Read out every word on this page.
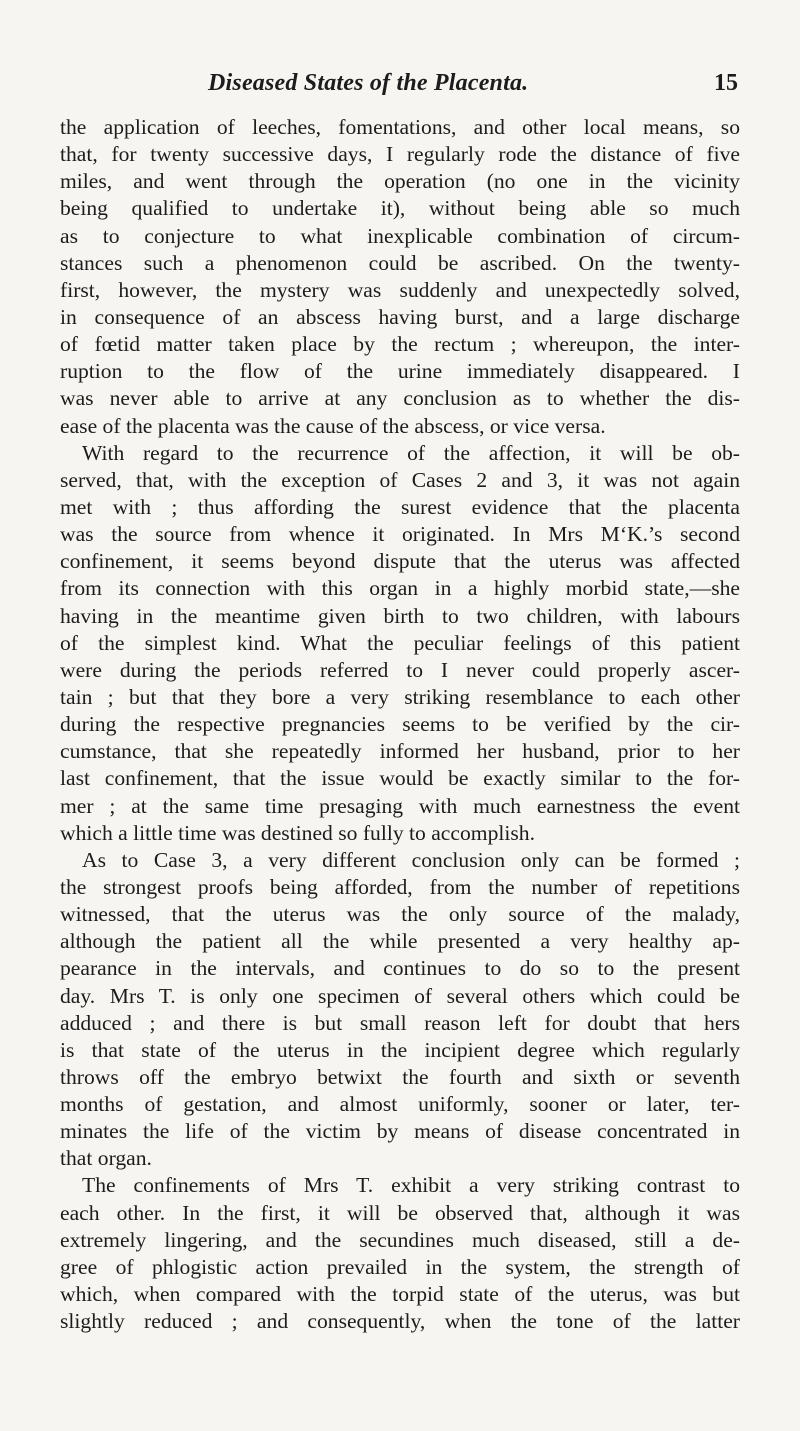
Diseased States of the Placenta.	15
the application of leeches, fomentations, and other local means, so
that, for twenty successive days, I regularly rode the distance of five
miles, and went through the operation (no one in the vicinity
being qualified to undertake it), without being able so much
as to conjecture to what inexplicable combination of circum-
stances such a phenomenon could be ascribed. On the twenty-
first, however, the mystery was suddenly and unexpectedly solved,
in consequence of an abscess having burst, and a large discharge
of fœtid matter taken place by the rectum ; whereupon, the inter-
ruption to the flow of the urine immediately disappeared. I
was never able to arrive at any conclusion as to whether the dis-
ease of the placenta was the cause of the abscess, or vice versa.
With regard to the recurrence of the affection, it will be ob-
served, that, with the exception of Cases 2 and 3, it was not again
met with ; thus affording the surest evidence that the placenta
was the source from whence it originated. In Mrs M‘K.’s second
confinement, it seems beyond dispute that the uterus was affected
from its connection with this organ in a highly morbid state,—she
having in the meantime given birth to two children, with labours
of the simplest kind. What the peculiar feelings of this patient
were during the periods referred to I never could properly ascer-
tain ; but that they bore a very striking resemblance to each other
during the respective pregnancies seems to be verified by the cir-
cumstance, that she repeatedly informed her husband, prior to her
last confinement, that the issue would be exactly similar to the for-
mer ; at the same time presaging with much earnestness the event
which a little time was destined so fully to accomplish.
As to Case 3, a very different conclusion only can be formed ;
the strongest proofs being afforded, from the number of repetitions
witnessed, that the uterus was the only source of the malady,
although the patient all the while presented a very healthy ap-
pearance in the intervals, and continues to do so to the present
day. Mrs T. is only one specimen of several others which could be
adduced ; and there is but small reason left for doubt that hers
is that state of the uterus in the incipient degree which regularly
throws off the embryo betwixt the fourth and sixth or seventh
months of gestation, and almost uniformly, sooner or later, ter-
minates the life of the victim by means of disease concentrated in
that organ.
The confinements of Mrs T. exhibit a very striking contrast to
each other. In the first, it will be observed that, although it was
extremely lingering, and the secundines much diseased, still a de-
gree of phlogistic action prevailed in the system, the strength of
which, when compared with the torpid state of the uterus, was but
slightly reduced ; and consequently, when the tone of the latter
